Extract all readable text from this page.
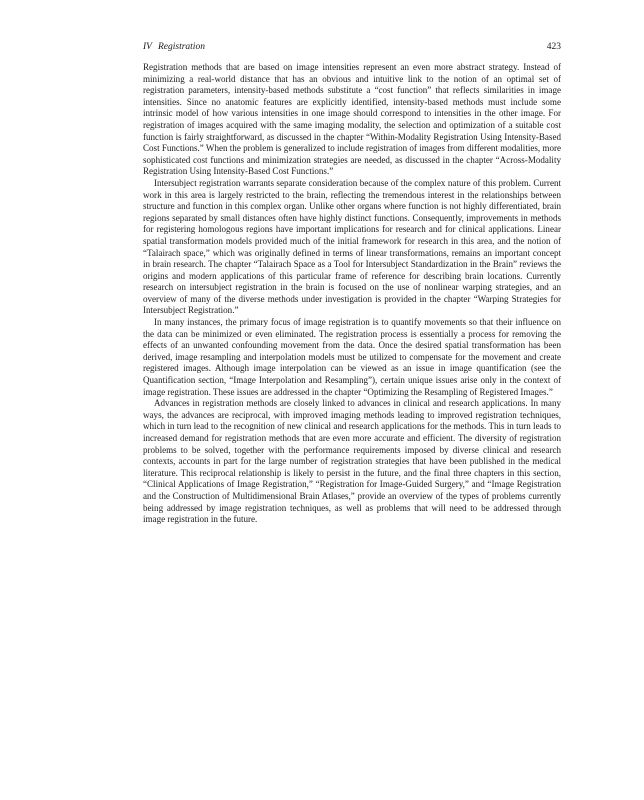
IV Registration	423

Registration methods that are based on image intensities represent an even more abstract strategy. Instead of minimizing a real-world distance that has an obvious and intuitive link to the notion of an optimal set of registration parameters, intensity-based methods substitute a “cost function” that reflects similarities in image intensities. Since no anatomic features are explicitly identified, intensity-based methods must include some intrinsic model of how various intensities in one image should correspond to intensities in the other image. For registration of images acquired with the same imaging modality, the selection and optimization of a suitable cost function is fairly straightforward, as discussed in the chapter “Within-Modality Registration Using Intensity-Based Cost Functions.” When the problem is generalized to include registration of images from different modalities, more sophisticated cost functions and minimization strategies are needed, as discussed in the chapter “Across-Modality Registration Using Intensity-Based Cost Functions.”

Intersubject registration warrants separate consideration because of the complex nature of this problem. Current work in this area is largely restricted to the brain, reflecting the tremendous interest in the relationships between structure and function in this complex organ. Unlike other organs where function is not highly differentiated, brain regions separated by small distances often have highly distinct functions. Consequently, improvements in methods for registering homologous regions have important implications for research and for clinical applications. Linear spatial transformation models provided much of the initial framework for research in this area, and the notion of “Talairach space,” which was originally defined in terms of linear transformations, remains an important concept in brain research. The chapter “Talairach Space as a Tool for Intersubject Standardization in the Brain” reviews the origins and modern applications of this particular frame of reference for describing brain locations. Currently research on intersubject registration in the brain is focused on the use of nonlinear warping strategies, and an overview of many of the diverse methods under investigation is provided in the chapter “Warping Strategies for Intersubject Registration.”

In many instances, the primary focus of image registration is to quantify movements so that their influence on the data can be minimized or even eliminated. The registration process is essentially a process for removing the effects of an unwanted confounding movement from the data. Once the desired spatial transformation has been derived, image resampling and interpolation models must be utilized to compensate for the movement and create registered images. Although image interpolation can be viewed as an issue in image quantification (see the Quantification section, “Image Interpolation and Resampling”), certain unique issues arise only in the context of image registration. These issues are addressed in the chapter “Optimizing the Resampling of Registered Images.”

Advances in registration methods are closely linked to advances in clinical and research applications. In many ways, the advances are reciprocal, with improved imaging methods leading to improved registration techniques, which in turn lead to the recognition of new clinical and research applications for the methods. This in turn leads to increased demand for registration methods that are even more accurate and efficient. The diversity of registration problems to be solved, together with the performance requirements imposed by diverse clinical and research contexts, accounts in part for the large number of registration strategies that have been published in the medical literature. This reciprocal relationship is likely to persist in the future, and the final three chapters in this section, “Clinical Applications of Image Registration,” “Registration for Image-Guided Surgery,” and “Image Registration and the Construction of Multidimensional Brain Atlases,” provide an overview of the types of problems currently being addressed by image registration techniques, as well as problems that will need to be addressed through image registration in the future.
